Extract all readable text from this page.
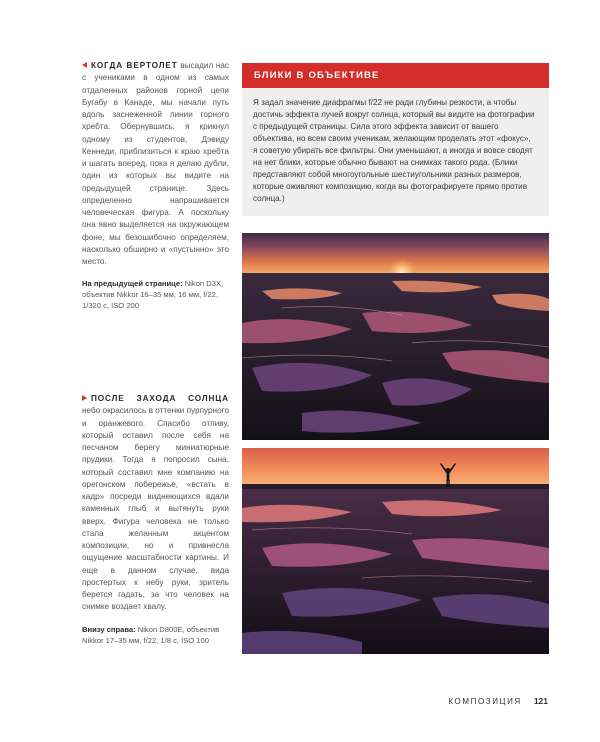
КОГДА ВЕРТОЛЕТ высадил нас с учениками в одном из самых отдаленных районов горной цепи Бугабу в Канаде, мы начали путь вдоль заснеженной линии горного хребта. Обернувшись, я крикнул одному из студентов, Дэвиду Кеннеди, приблизиться к краю хребта и шагать вперед, пока я делаю дубли, один из которых вы видите на предыдущей странице. Здесь определенно напрашивается человеческая фигура. А поскольку она явно выделяется на окружающем фоне, мы безошибочно определяем, насколько обширно и «пустынно» это место.

На предыдущей странице: Nikon D3X, объектив Nikkor 16–35 мм, 16 мм, f/22, 1/320 с, ISO 200

ПОСЛЕ ЗАХОДА СОЛНЦА небо окрасилось в оттенки пурпурного и оранжевого. Спасибо отливу, который оставил после себя на песчаном берегу миниатюрные прудики. Тогда я попросил сына, который составил мне компанию на орегонском побережье, «встать в кадр» посреди виднеющихся вдали каменных глыб и вытянуть руки вверх. Фигура человека не только стала желанным акцентом композиции, но и привнесла ощущение масштабности картины. И еще в данном случае, вида простертых к небу руки, зритель берется гадать, за что человек на снимке воздает хвалу.

Внизу справа: Nikon D800E, объектив Nikkor 17–35 мм, f/22, 1/8 с, ISO 100

БЛИКИ В ОБЪЕКТИВЕ
Я задал значение диафрагмы f/22 не ради глубины резкости, а чтобы достичь эффекта лучей вокруг солнца, который вы видите на фотографии с предыдущей страницы. Сила этого эффекта зависит от вашего объектива, но всем своим ученикам, желающим проделать этот «фокус», я советую убирать все фильтры. Они уменьшают, а иногда и вовсе сводят на нет блики, которые обычно бывают на снимках такого рода. (Блики представляют собой многоугольные шестиугольники разных размеров, которые оживляют композицию, когда вы фотографируете прямо против солнца.)
КОМПОЗИЦИЯ 121
